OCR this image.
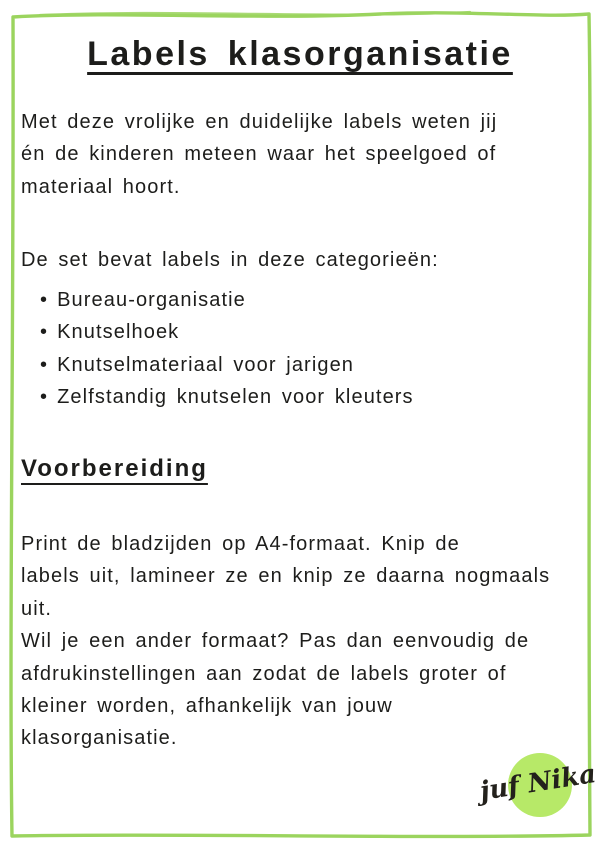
Labels klasorganisatie
Met deze vrolijke en duidelijke labels weten jij
én de kinderen meteen waar het speelgoed of
materiaal hoort.
De set bevat labels in deze categorieën:
• Bureau-organisatie
• Knutselhoek
• Knutselmateriaal voor jarigen
• Zelfstandig knutselen voor kleuters
Voorbereiding
Print de bladzijden op A4-formaat. Knip de
labels uit, lamineer ze en knip ze daarna nogmaals
uit.
Wil je een ander formaat? Pas dan eenvoudig de
afdrukinstellingen aan zodat de labels groter of
kleiner worden, afhankelijk van jouw
klasorganisatie.
juf Nika
